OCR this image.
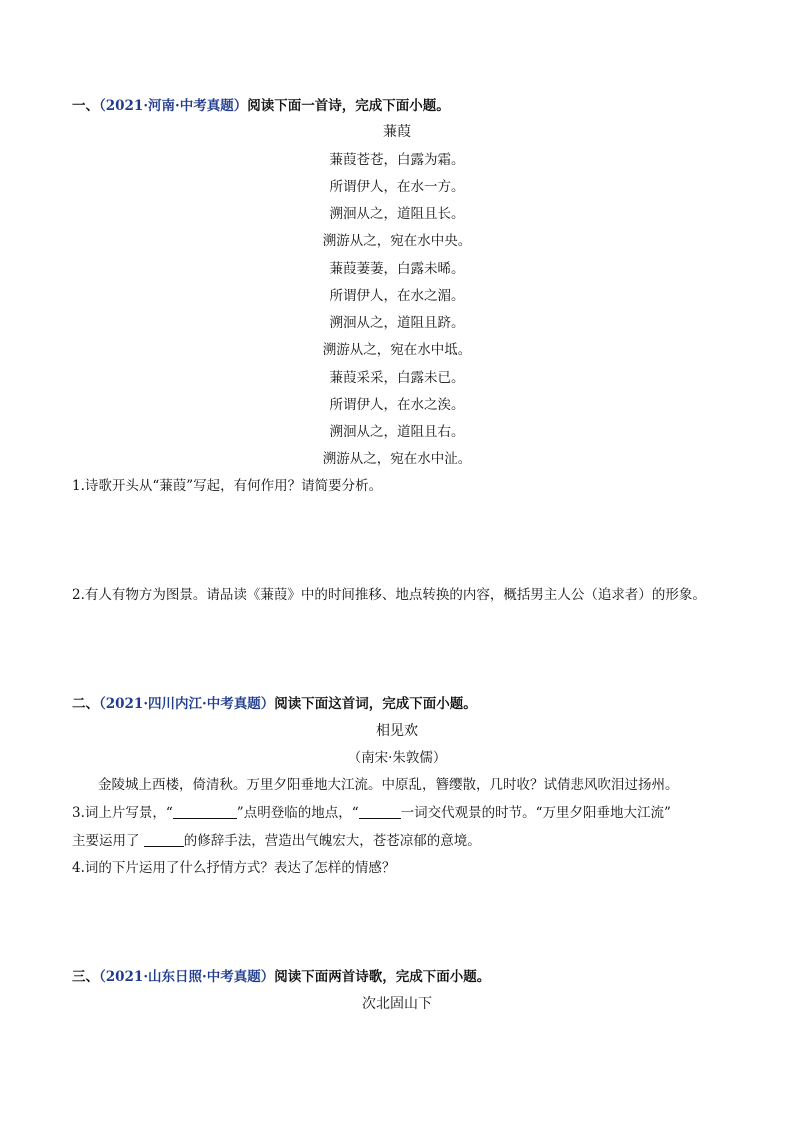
一、（2021·河南·中考真题）阅读下面一首诗，完成下面小题。
蒹葭
蒹葭苍苍，白露为霜。
所谓伊人，在水一方。
溯洄从之，道阻且长。
溯游从之，宛在水中央。
蒹葭萋萋，白露未晞。
所谓伊人，在水之湄。
溯洄从之，道阻且跻。
溯游从之，宛在水中坻。
蒹葭采采，白露未已。
所谓伊人，在水之涘。
溯洄从之，道阻且右。
溯游从之，宛在水中沚。
1.诗歌开头从“蒹葭”写起，有何作用？请简要分析。
2.有人有物方为图景。请品读《蒹葭》中的时间推移、地点转换的内容，概括男主人公（追求者）的形象。
二、（2021·四川内江·中考真题）阅读下面这首词，完成下面小题。
相见欢
（南宋·朱敦儒）
金陵城上西楼，倚清秋。万里夕阳垂地大江流。中原乱，簪缨散，几时收？试倩悲风吹泪过扬州。
3.词上片写景，“	”点明登临的地点，“	一词交代观景的时节。“万里夕阳垂地大江流”
主要运用了	的修辞手法，营造出气魄宏大，苍苍凉郁的意境。
4.词的下片运用了什么抒情方式？表达了怎样的情感？
三、（2021·山东日照·中考真题）阅读下面两首诗歌，完成下面小题。
次北固山下
